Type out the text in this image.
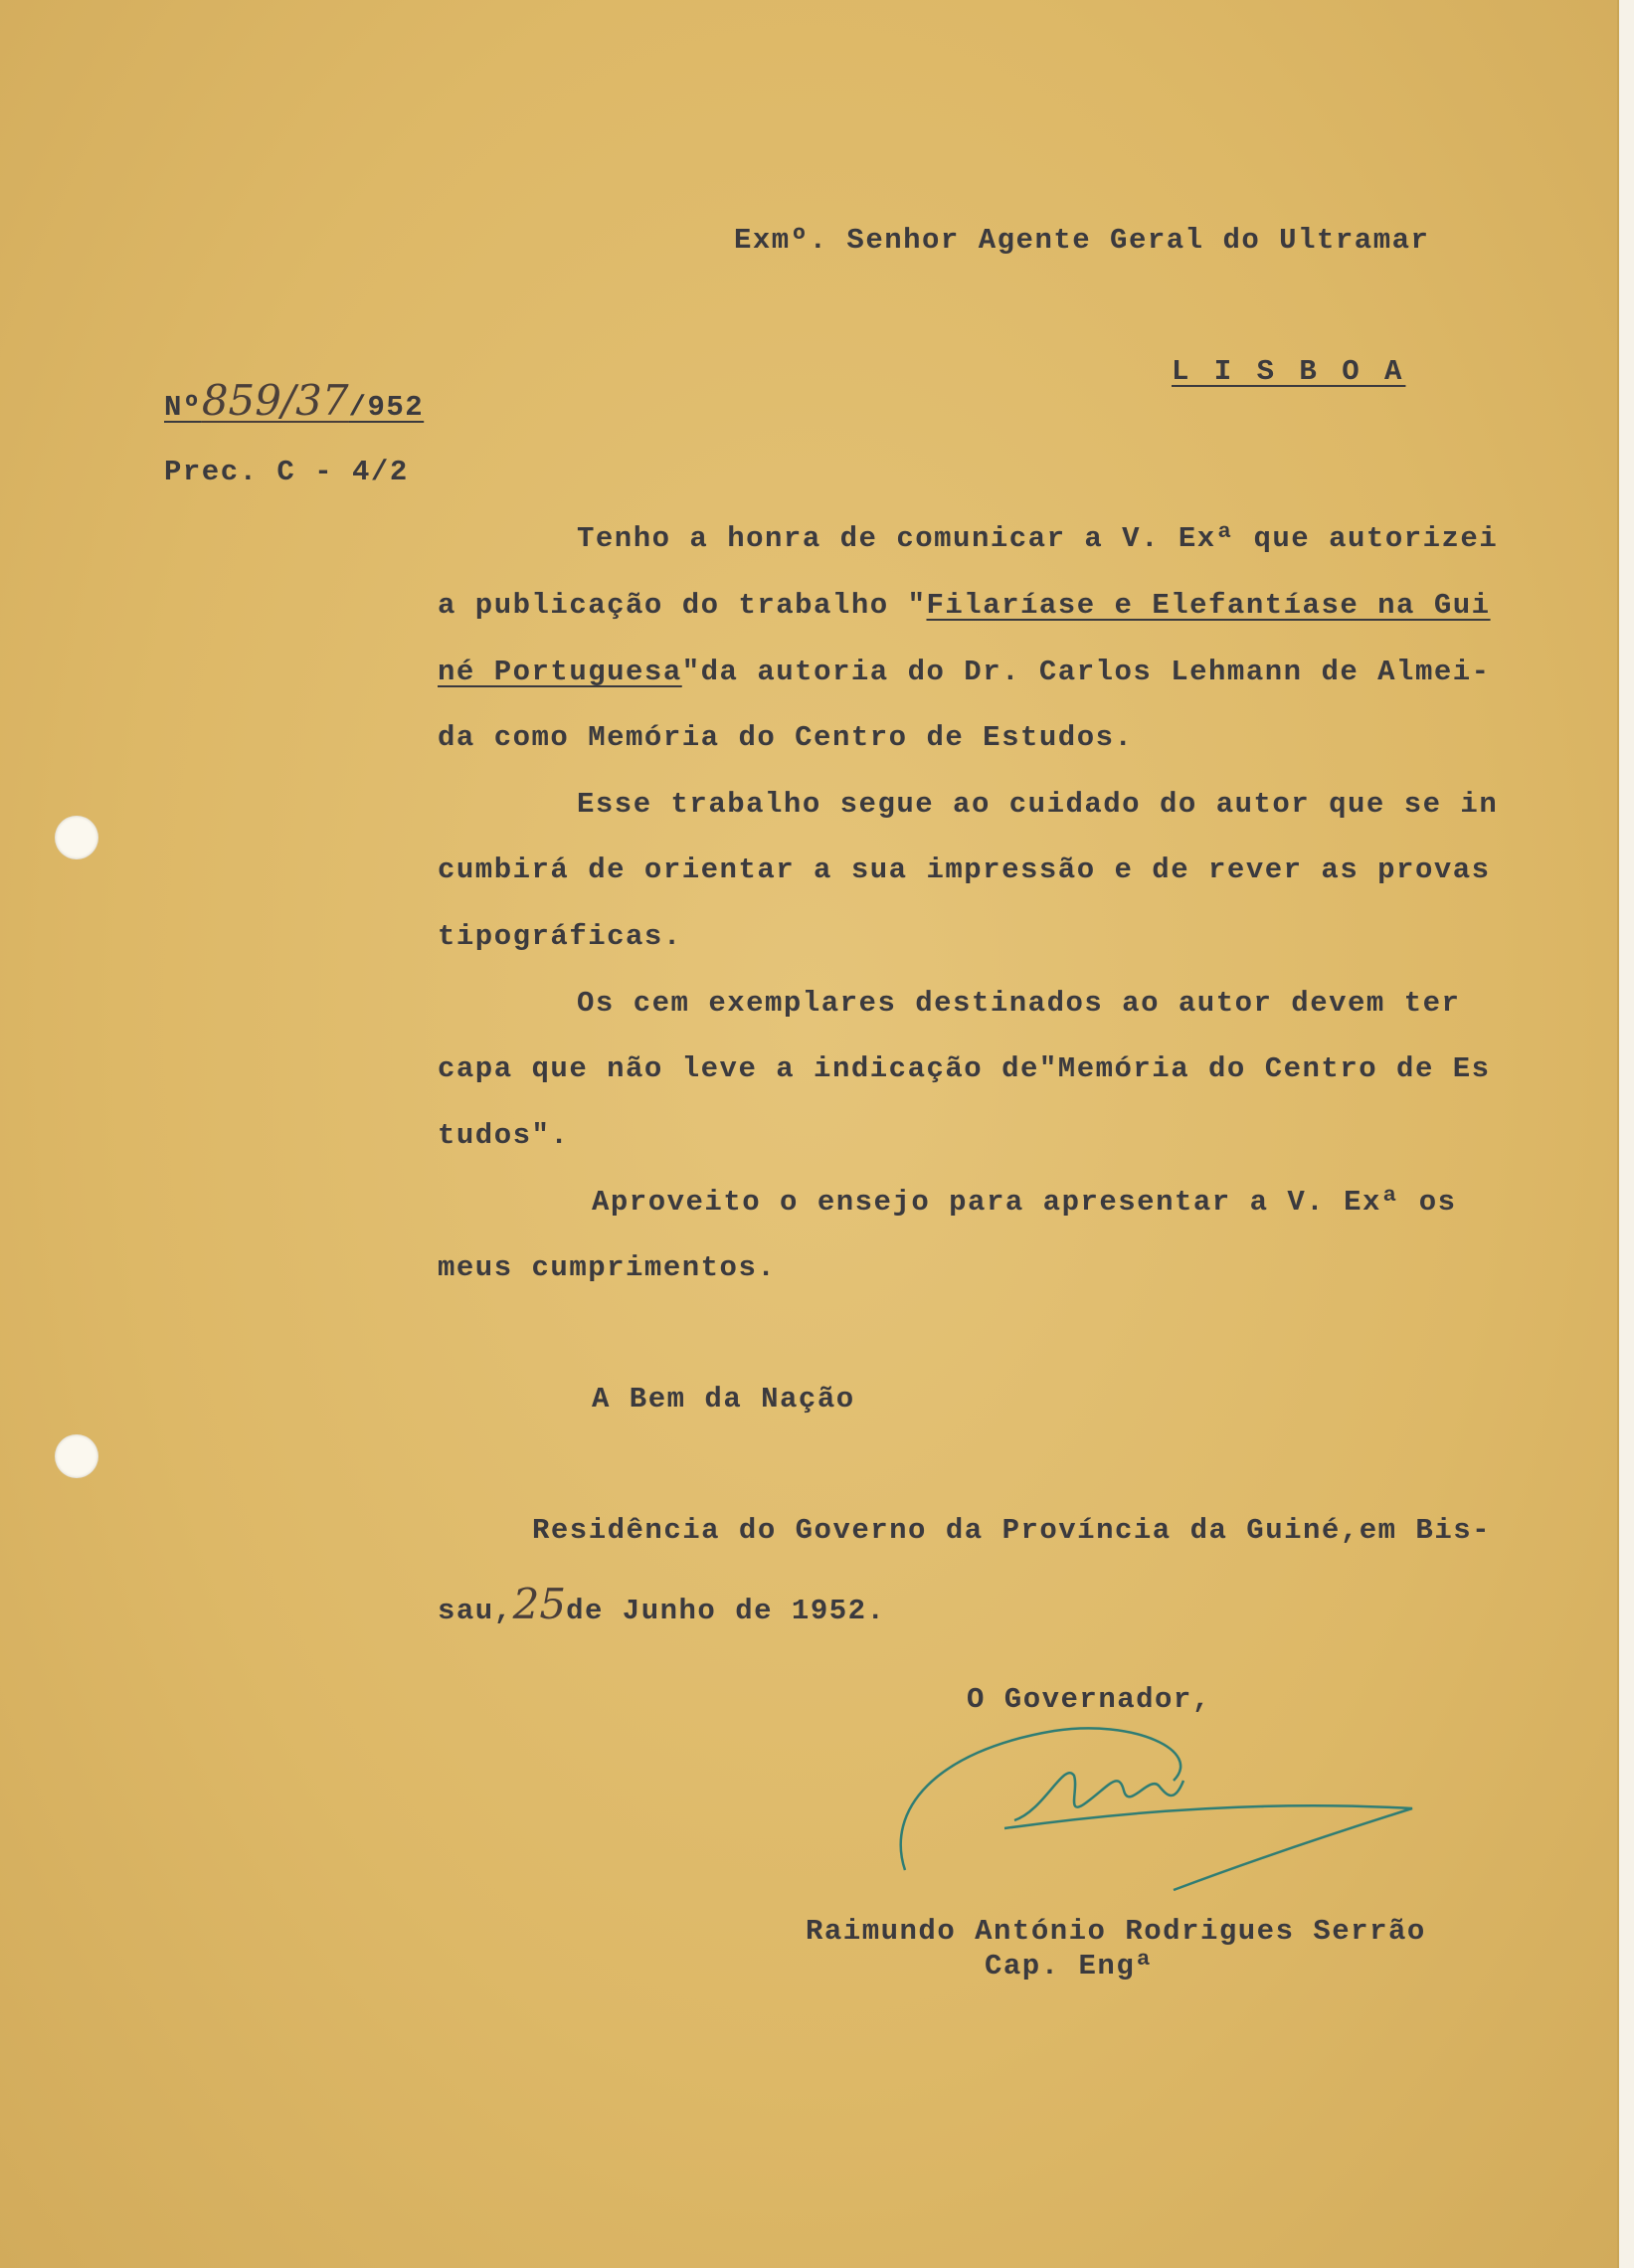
Exmº. Senhor Agente Geral do Ultramar

L I S B O A

Nº859/37/952

Prec. C - 4/2

Tenho a honra de comunicar a V. Exª que autorizei

a publicação do trabalho "Filaríase e Elefantíase na Gui

né Portuguesa"da autoria do Dr. Carlos Lehmann de Almei-

da como Memória do Centro de Estudos.

Esse trabalho segue ao cuidado do autor que se in

cumbirá de orientar a sua impressão e de rever as provas

tipográficas.

Os cem exemplares destinados ao autor devem ter

capa que não leve a indicação de"Memória do Centro de Es

tudos".

Aproveito o ensejo para apresentar a V. Exª os

meus cumprimentos.

A Bem da Nação

Residência do Governo da Província da Guiné,em Bis-

sau,25de Junho de 1952.

O Governador,

Raimundo António Rodrigues Serrão

Cap. Engª
